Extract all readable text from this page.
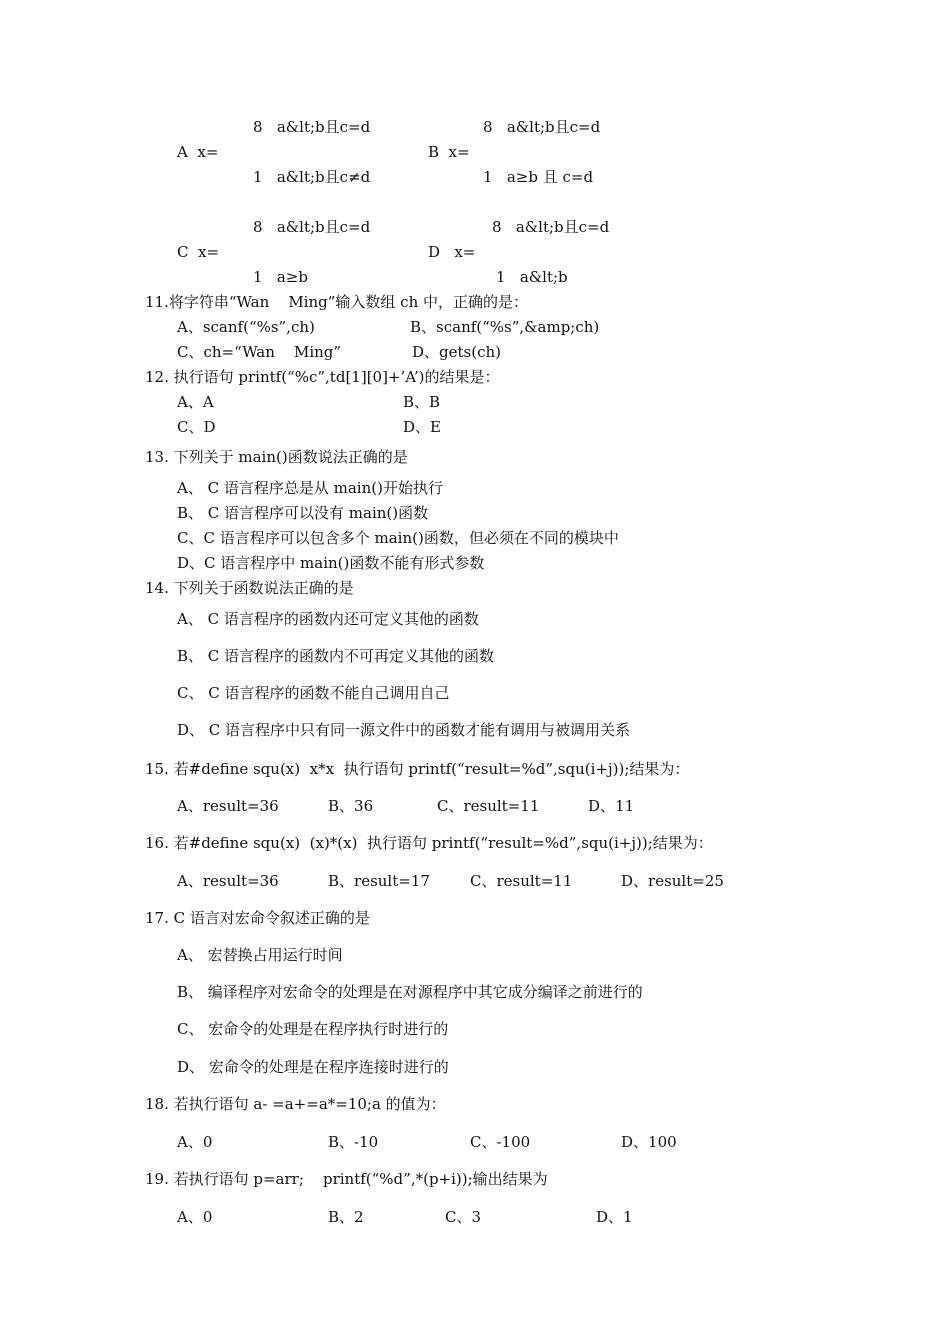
8   a&lt;b且c=d
A  x=
1   a&lt;b且c≠d
8   a&lt;b且c=d
B  x=
1   a≥b 且 c=d
8   a&lt;b且c=d
C  x=
1   a≥b
8   a&lt;b且c=d
D   x=
1   a&lt;b
11.将字符串“Wan    Ming”输入数组 ch 中，正确的是：
A、scanf(“%s”,ch)	B、scanf(“%s”,&amp;ch)
C、ch=“Wan    Ming”	D、gets(ch)
12. 执行语句 printf(“%c”,td[1][0]+’A’)的结果是：
A、A	B、B
C、D	D、E
13. 下列关于 main()函数说法正确的是
A、 C 语言程序总是从 main()开始执行
B、 C 语言程序可以没有 main()函数
C、C 语言程序可以包含多个 main()函数，但必须在不同的模块中
D、C 语言程序中 main()函数不能有形式参数
14. 下列关于函数说法正确的是
A、 C 语言程序的函数内还可定义其他的函数
B、 C 语言程序的函数内不可再定义其他的函数
C、 C 语言程序的函数不能自己调用自己
D、 C 语言程序中只有同一源文件中的函数才能有调用与被调用关系
15. 若#define squ(x)  x*x  执行语句 printf(“result=%d”,squ(i+j));结果为：
A、result=36	B、36	C、result=11	D、11
16. 若#define squ(x)  (x)*(x)  执行语句 printf(“result=%d”,squ(i+j));结果为：
A、result=36	B、result=17	C、result=11	D、result=25
17. C 语言对宏命令叙述正确的是
A、 宏替换占用运行时间
B、 编译程序对宏命令的处理是在对源程序中其它成分编译之前进行的
C、 宏命令的处理是在程序执行时进行的
D、 宏命令的处理是在程序连接时进行的
18. 若执行语句 a- =a+=a*=10;a 的值为：
A、0	B、-10	C、-100	D、100
19. 若执行语句 p=arr;    printf(“%d”,*(p+i));输出结果为
A、0	B、2	C、3	D、1
